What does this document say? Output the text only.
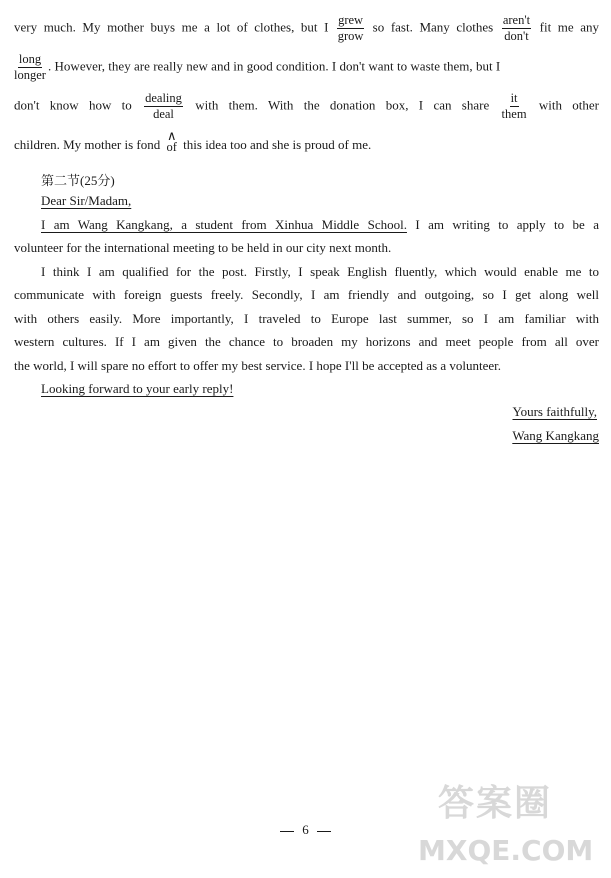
very much. My mother buys me a lot of clothes, but I grew
grow
so fast. Many clothes aren't
don't
fit me any
long
longer
. However, they are really new and in good condition. I don't want to waste them, but I
don't know how to dealing
deal
with them. With the donation box, I can share it
them
with other
children. My mother is fond
∧
of this idea too and she is proud of me.
第二节(25分)
Dear Sir/Madam,
I am Wang Kangkang, a student from Xinhua Middle School. I am writing to apply to be a
volunteer for the international meeting to be held in our city next month.
I think I am qualified for the post. Firstly, I speak English fluently, which would enable me to
communicate with foreign guests freely. Secondly, I am friendly and outgoing, so I get along well
with others easily. More importantly, I traveled to Europe last summer, so I am familiar with
western cultures. If I am given the chance to broaden my horizons and meet people from all over
the world, I will spare no effort to offer my best service. I hope I'll be accepted as a volunteer.
Looking forward to your early reply!
Yours faithfully,
Wang Kangkang
答案圈
MXQE.COM
6
